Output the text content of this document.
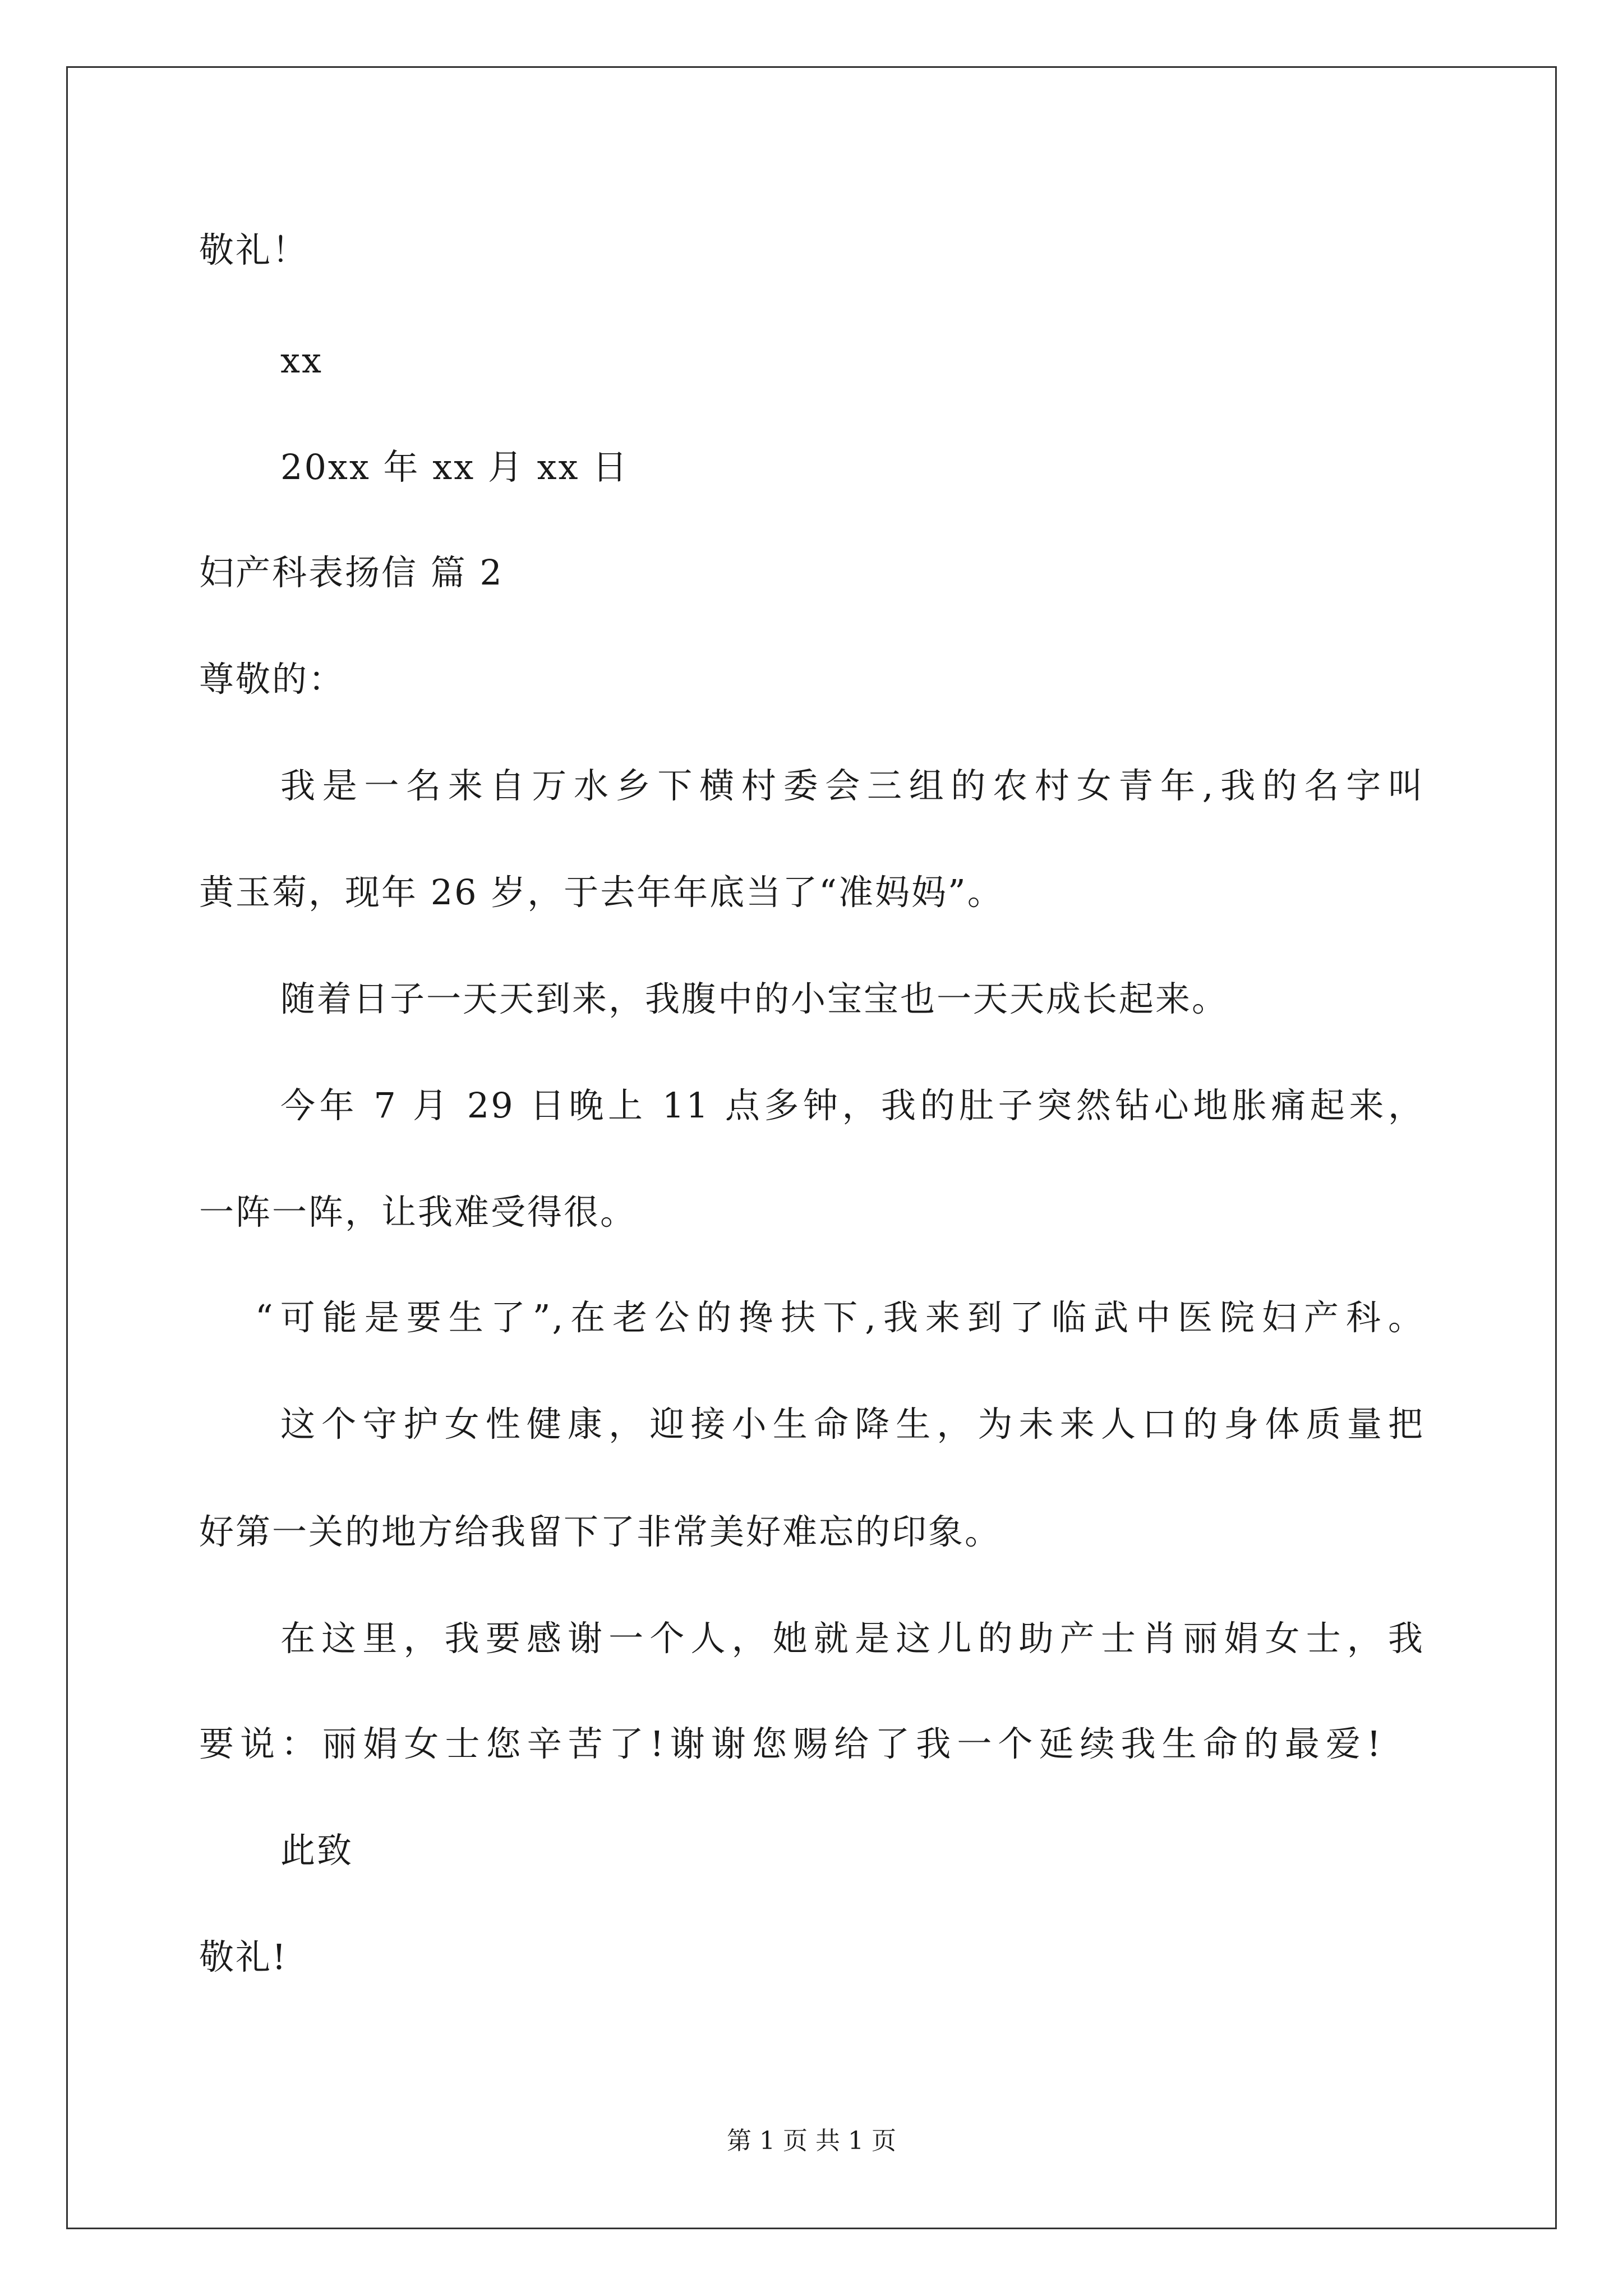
敬礼！
xx
20xx 年 xx 月 xx 日
妇产科表扬信 篇 2
尊敬的：
我是一名来自万水乡下横村委会三组的农村女青年,我的名字叫
黄玉菊，现年 26 岁，于去年年底当了“准妈妈”。
随着日子一天天到来，我腹中的小宝宝也一天天成长起来。
今年 7 月 29 日晚上 11 点多钟，我的肚子突然钻心地胀痛起来，
一阵一阵，让我难受得很。
“可能是要生了”,在老公的搀扶下,我来到了临武中医院妇产科。
这个守护女性健康，迎接小生命降生，为未来人口的身体质量把
好第一关的地方给我留下了非常美好难忘的印象。
在这里，我要感谢一个人，她就是这儿的助产士肖丽娟女士，我
要说：丽娟女士您辛苦了!谢谢您赐给了我一个延续我生命的最爱!
此致
敬礼!
第 1 页 共 1 页
